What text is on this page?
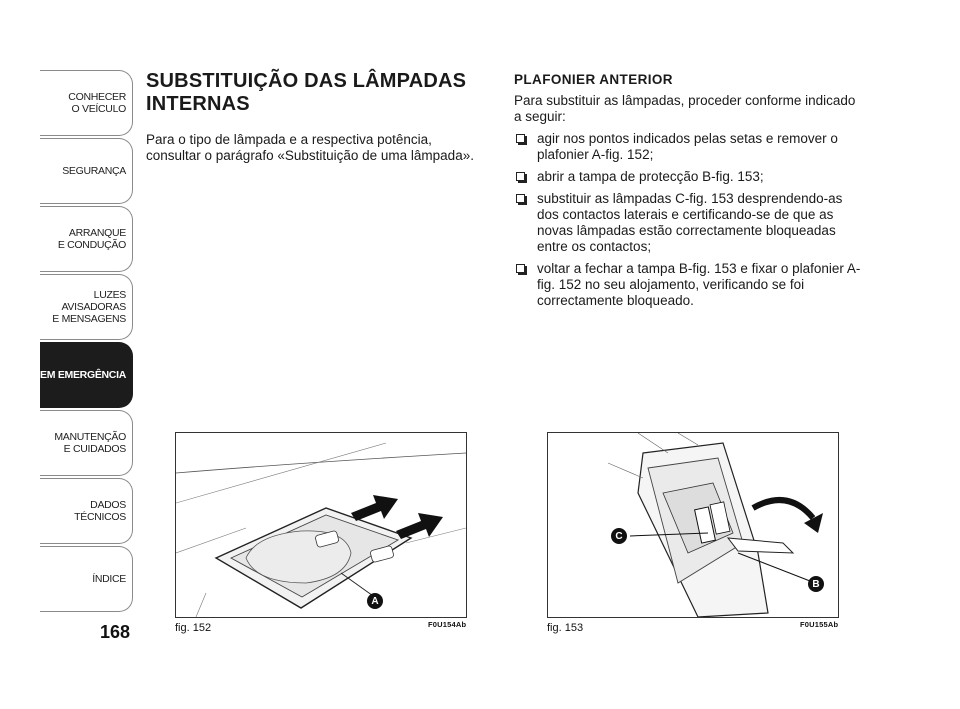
CONHECER
O VEÍCULO
SEGURANÇA
ARRANQUE
E CONDUÇÃO
LUZES
AVISADORAS
E MENSAGENS
EM EMERGÊNCIA
MANUTENÇÃO
E CUIDADOS
DADOS
TÉCNICOS
ÍNDICE
168
SUBSTITUIÇÃO DAS LÂMPADAS
INTERNAS
Para o tipo de lâmpada e a respectiva potência, consultar o parágrafo «Substituição de uma lâmpada».
PLAFONIER ANTERIOR
Para substituir as lâmpadas, proceder conforme indicado a seguir:
agir nos pontos indicados pelas setas e remover o plafonier A-fig. 152;
abrir a tampa de protecção B-fig. 153;
substituir as lâmpadas C-fig. 153 desprendendo-as dos contactos laterais e certificando-se de que as novas lâmpadas estão correctamente bloqueadas entre os contactos;
voltar a fechar a tampa B-fig. 153 e fixar o plafonier A-fig. 152 no seu alojamento, verificando se foi correctamente bloqueado.
A
fig. 152	F0U154Ab
C
B
fig. 153	F0U155Ab
